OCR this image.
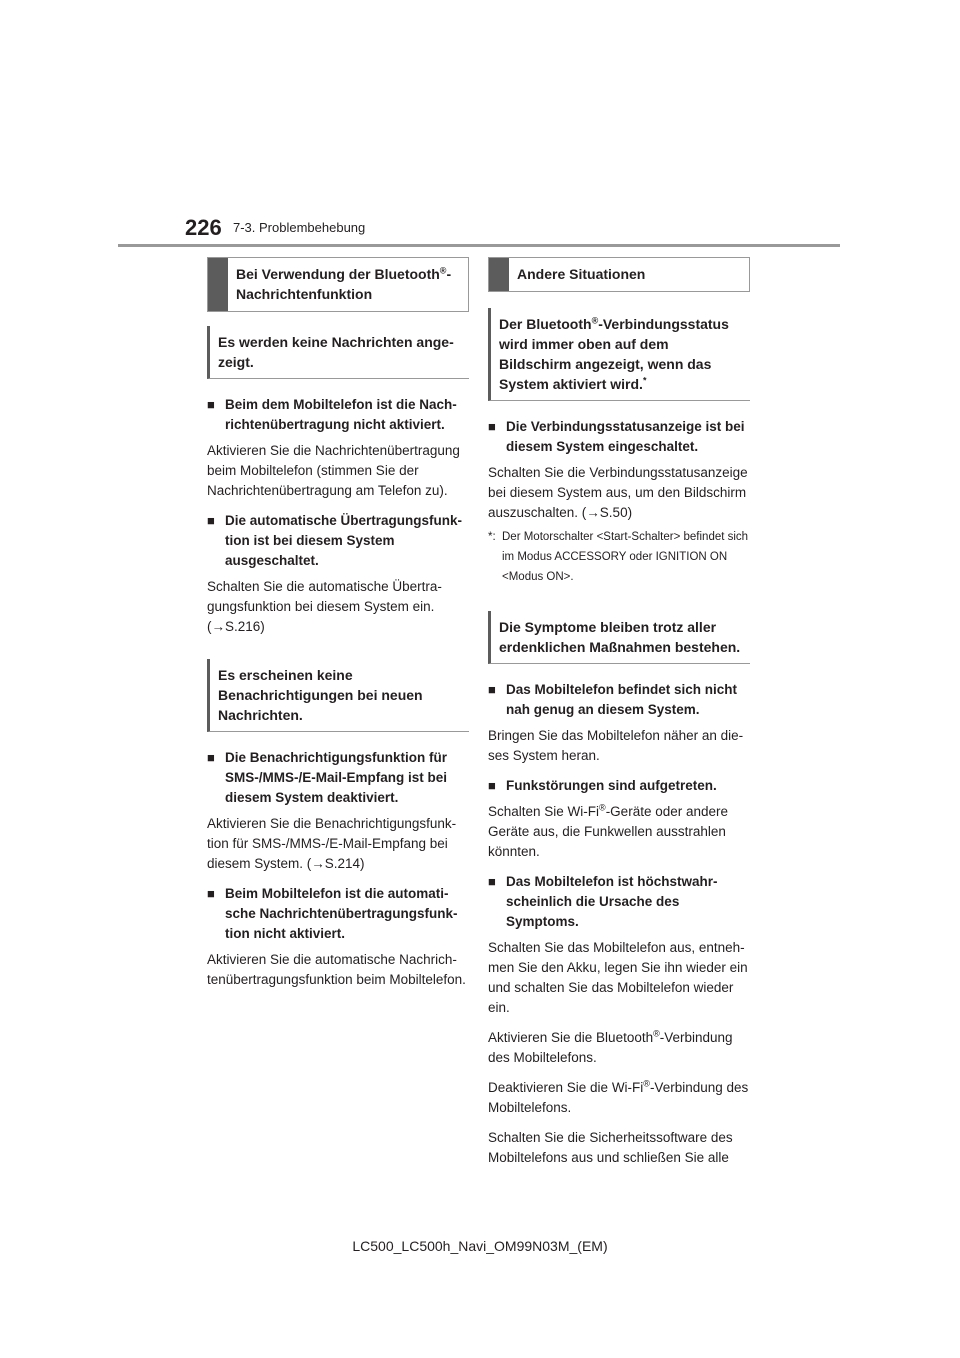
226 7-3. Problembehebung
Bei Verwendung der Bluetooth®-Nachrichtenfunktion
Es werden keine Nachrichten angezeigt.
■ Beim dem Mobiltelefon ist die Nachrichtenübertragung nicht aktiviert.

Aktivieren Sie die Nachrichtenübertragung beim Mobiltelefon (stimmen Sie der Nachrichtenübertragung am Telefon zu).

■ Die automatische Übertragungsfunktion ist bei diesem System ausgeschaltet.

Schalten Sie die automatische Übertragungsfunktion bei diesem System ein. (→S.216)

Es erscheinen keine Benachrichtigungen bei neuen Nachrichten.
■ Die Benachrichtigungsfunktion für SMS-/MMS-/E-Mail-Empfang ist bei diesem System deaktiviert.

Aktivieren Sie die Benachrichtigungsfunktion für SMS-/MMS-/E-Mail-Empfang bei diesem System. (→S.214)

■ Beim Mobiltelefon ist die automatische Nachrichtenübertragungsfunktion nicht aktiviert.

Aktivieren Sie die automatische Nachrichtenübertragungsfunktion beim Mobiltelefon.

Andere Situationen
Der Bluetooth®-Verbindungsstatus wird immer oben auf dem Bildschirm angezeigt, wenn das System aktiviert wird.*
■ Die Verbindungsstatusanzeige ist bei diesem System eingeschaltet.

Schalten Sie die Verbindungsstatusanzeige bei diesem System aus, um den Bildschirm auszuschalten. (→S.50)

*: Der Motorschalter <Start-Schalter> befindet sich im Modus ACCESSORY oder IGNITION ON <Modus ON>.
Die Symptome bleiben trotz aller erdenklichen Maßnahmen bestehen.
■ Das Mobiltelefon befindet sich nicht nah genug an diesem System.

Bringen Sie das Mobiltelefon näher an dieses System heran.

■ Funkstörungen sind aufgetreten.

Schalten Sie Wi-Fi®-Geräte oder andere Geräte aus, die Funkwellen ausstrahlen könnten.

■ Das Mobiltelefon ist höchstwahrscheinlich die Ursache des Symptoms.

Schalten Sie das Mobiltelefon aus, entnehmen Sie den Akku, legen Sie ihn wieder ein und schalten Sie das Mobiltelefon wieder ein.

Aktivieren Sie die Bluetooth®-Verbindung des Mobiltelefons.

Deaktivieren Sie die Wi-Fi®-Verbindung des Mobiltelefons.

Schalten Sie die Sicherheitssoftware des Mobiltelefons aus und schließen Sie alle

LC500_LC500h_Navi_OM99N03M_(EM)
